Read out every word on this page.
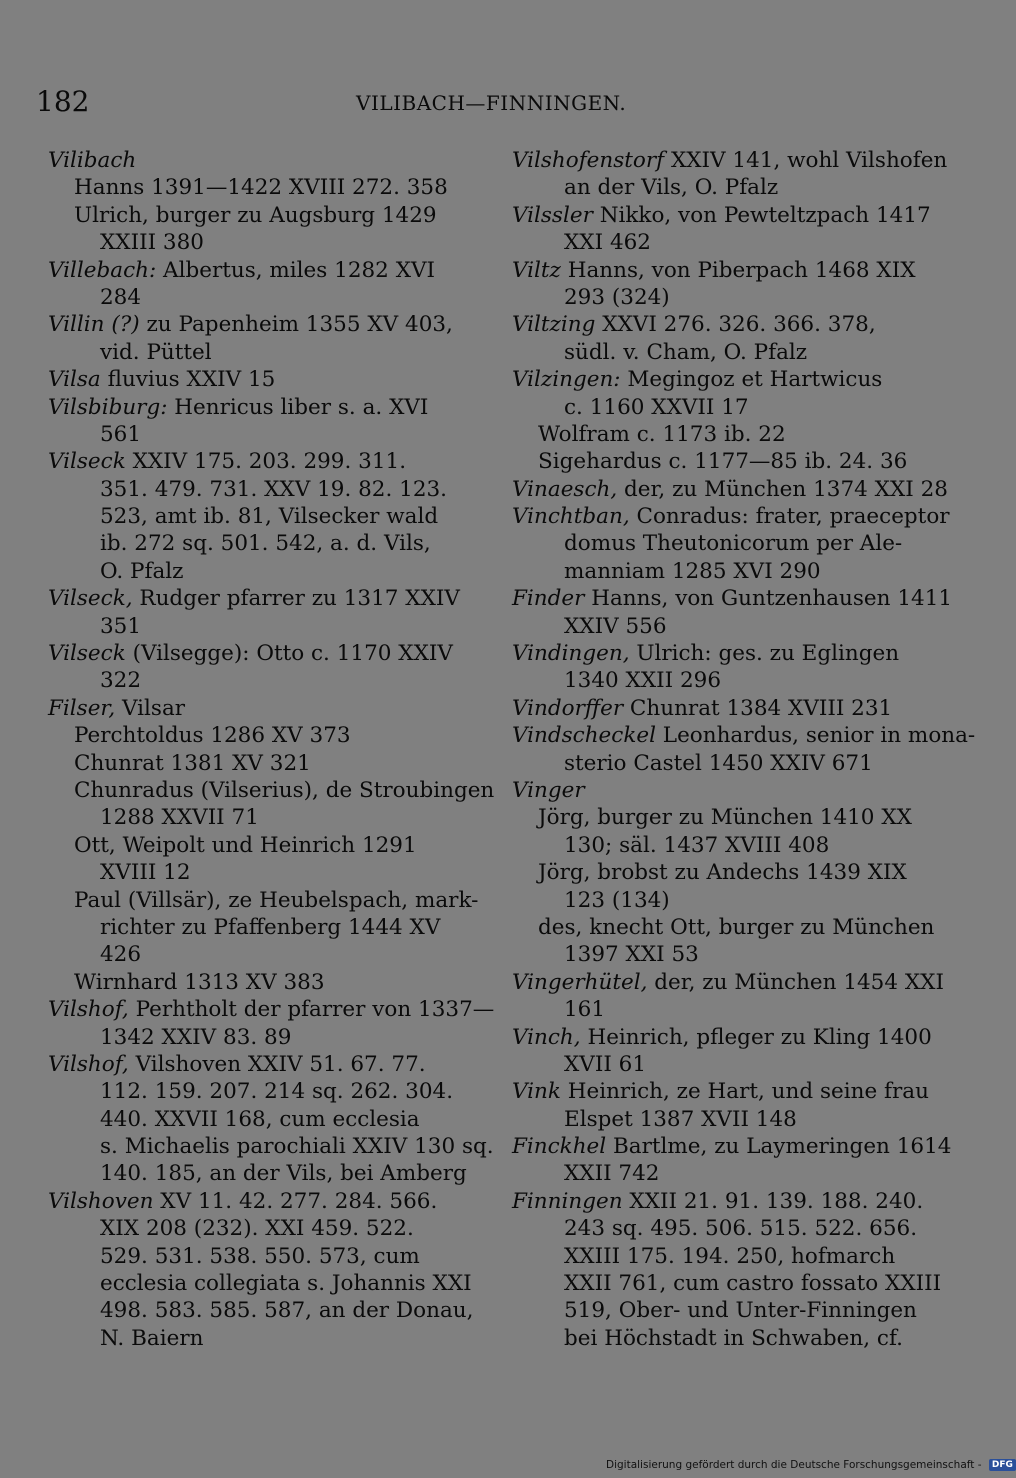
182	VILIBACH—FINNINGEN.
Vilibach
Hanns 1391—1422 XVIII 272. 358
Ulrich, burger zu Augsburg 1429
XXIII 380
Villebach: Albertus, miles 1282 XVI
284
Villin (?) zu Papenheim 1355 XV 403,
vid. Püttel
Vilsa fluvius XXIV 15
Vilsbiburg: Henricus liber s. a. XVI
561
Vilseck XXIV 175. 203. 299. 311.
351. 479. 731. XXV 19. 82. 123.
523, amt ib. 81, Vilsecker wald
ib. 272 sq. 501. 542, a. d. Vils,
O. Pfalz
Vilseck, Rudger pfarrer zu 1317 XXIV
351
Vilseck (Vilsegge): Otto c. 1170 XXIV
322
Filser, Vilsar
Perchtoldus 1286 XV 373
Chunrat 1381 XV 321
Chunradus (Vilserius), de Stroubingen
1288 XXVII 71
Ott, Weipolt und Heinrich 1291
XVIII 12
Paul (Villsär), ze Heubelspach, mark-
richter zu Pfaffenberg 1444 XV
426
Wirnhard 1313 XV 383
Vilshof, Perhtholt der pfarrer von 1337—
1342 XXIV 83. 89
Vilshof, Vilshoven XXIV 51. 67. 77.
112. 159. 207. 214 sq. 262. 304.
440. XXVII 168, cum ecclesia
s. Michaelis parochiali XXIV 130 sq.
140. 185, an der Vils, bei Amberg
Vilshoven XV 11. 42. 277. 284. 566.
XIX 208 (232). XXI 459. 522.
529. 531. 538. 550. 573, cum
ecclesia collegiata s. Johannis XXI
498. 583. 585. 587, an der Donau,
N. Baiern
Vilshofenstorf XXIV 141, wohl Vilshofen
an der Vils, O. Pfalz
Vilssler Nikko, von Pewteltzpach 1417
XXI 462
Viltz Hanns, von Piberpach 1468 XIX
293 (324)
Viltzing XXVI 276. 326. 366. 378,
südl. v. Cham, O. Pfalz
Vilzingen: Megingoz et Hartwicus
c. 1160 XXVII 17
Wolfram c. 1173 ib. 22
Sigehardus c. 1177—85 ib. 24. 36
Vinaesch, der, zu München 1374 XXI 28
Vinchtban, Conradus: frater, praeceptor
domus Theutonicorum per Ale-
manniam 1285 XVI 290
Finder Hanns, von Guntzenhausen 1411
XXIV 556
Vindingen, Ulrich: ges. zu Eglingen
1340 XXII 296
Vindorffer Chunrat 1384 XVIII 231
Vindscheckel Leonhardus, senior in mona-
sterio Castel 1450 XXIV 671
Vinger
Jörg, burger zu München 1410 XX
130; säl. 1437 XVIII 408
Jörg, brobst zu Andechs 1439 XIX
123 (134)
des, knecht Ott, burger zu München
1397 XXI 53
Vingerhütel, der, zu München 1454 XXI
161
Vinch, Heinrich, pfleger zu Kling 1400
XVII 61
Vink Heinrich, ze Hart, und seine frau
Elspet 1387 XVII 148
Finckhel Bartlme, zu Laymeringen 1614
XXII 742
Finningen XXII 21. 91. 139. 188. 240.
243 sq. 495. 506. 515. 522. 656.
XXIII 175. 194. 250, hofmarch
XXII 761, cum castro fossato XXIII
519, Ober- und Unter-Finningen
bei Höchstadt in Schwaben, cf.
Digitalisierung gefördert durch die Deutsche Forschungsgemeinschaft - DFG
